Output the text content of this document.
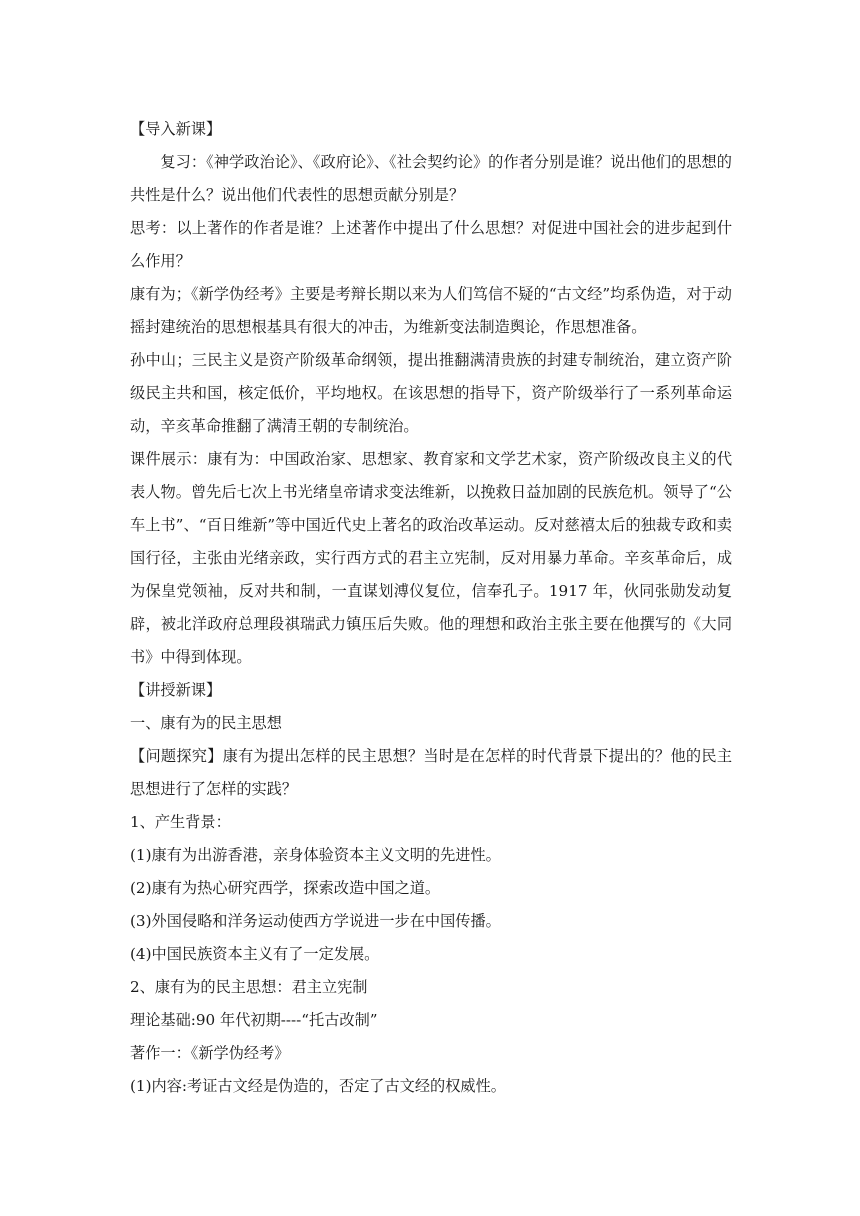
【导入新课】

复习：《神学政治论》、《政府论》、《社会契约论》的作者分别是谁？说出他们的思想的共性是什么？说出他们代表性的思想贡献分别是？

思考：以上著作的作者是谁？上述著作中提出了什么思想？对促进中国社会的进步起到什么作用？

康有为；《新学伪经考》主要是考辩长期以来为人们笃信不疑的“古文经”均系伪造，对于动摇封建统治的思想根基具有很大的冲击，为维新变法制造舆论，作思想准备。

孙中山；三民主义是资产阶级革命纲领，提出推翻满清贵族的封建专制统治，建立资产阶级民主共和国，核定低价，平均地权。在该思想的指导下，资产阶级举行了一系列革命运动，辛亥革命推翻了满清王朝的专制统治。

课件展示：康有为：中国政治家、思想家、教育家和文学艺术家，资产阶级改良主义的代表人物。曾先后七次上书光绪皇帝请求变法维新，以挽救日益加剧的民族危机。领导了“公车上书”、“百日维新”等中国近代史上著名的政治改革运动。反对慈禧太后的独裁专政和卖国行径，主张由光绪亲政，实行西方式的君主立宪制，反对用暴力革命。辛亥革命后，成为保皇党领袖，反对共和制，一直谋划溥仪复位，信奉孔子。1917 年，伙同张勋发动复辟，被北洋政府总理段祺瑞武力镇压后失败。他的理想和政治主张主要在他撰写的《大同书》中得到体现。

【讲授新课】

一、康有为的民主思想

【问题探究】康有为提出怎样的民主思想？当时是在怎样的时代背景下提出的？他的民主思想进行了怎样的实践？

1、产生背景：

(1)康有为出游香港，亲身体验资本主义文明的先进性。

(2)康有为热心研究西学，探索改造中国之道。

(3)外国侵略和洋务运动使西方学说进一步在中国传播。

(4)中国民族资本主义有了一定发展。

2、康有为的民主思想：君主立宪制

理论基础:90 年代初期----“托古改制”

著作一：《新学伪经考》

(1)内容:考证古文经是伪造的，否定了古文经的权威性。
